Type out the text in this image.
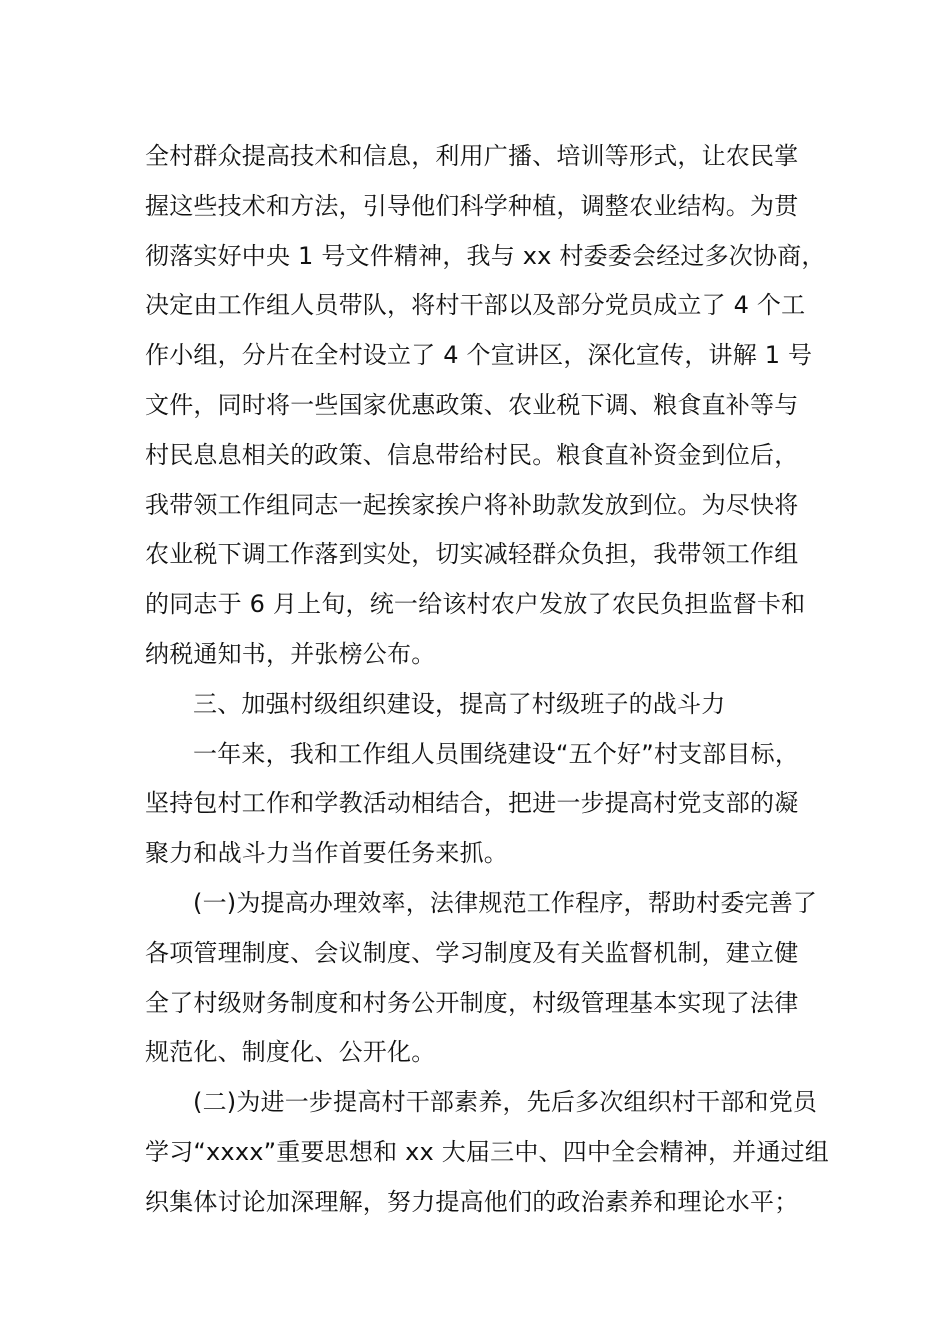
全村群众提高技术和信息，利用广播、培训等形式，让农民掌
握这些技术和方法，引导他们科学种植，调整农业结构。为贯
彻落实好中央 1 号文件精神，我与 xx 村委委会经过多次协商，
决定由工作组人员带队，将村干部以及部分党员成立了 4 个工
作小组，分片在全村设立了 4 个宣讲区，深化宣传，讲解 1 号
文件，同时将一些国家优惠政策、农业税下调、粮食直补等与
村民息息相关的政策、信息带给村民。粮食直补资金到位后，
我带领工作组同志一起挨家挨户将补助款发放到位。为尽快将
农业税下调工作落到实处，切实减轻群众负担，我带领工作组
的同志于 6 月上旬，统一给该村农户发放了农民负担监督卡和
纳税通知书，并张榜公布。
三、加强村级组织建设，提高了村级班子的战斗力
一年来，我和工作组人员围绕建设“五个好”村支部目标，
坚持包村工作和学教活动相结合，把进一步提高村党支部的凝
聚力和战斗力当作首要任务来抓。
(一)为提高办理效率，法律规范工作程序，帮助村委完善了
各项管理制度、会议制度、学习制度及有关监督机制，建立健
全了村级财务制度和村务公开制度，村级管理基本实现了法律
规范化、制度化、公开化。
(二)为进一步提高村干部素养，先后多次组织村干部和党员
学习“xxxx”重要思想和 xx 大届三中、四中全会精神，并通过组
织集体讨论加深理解，努力提高他们的政治素养和理论水平；
